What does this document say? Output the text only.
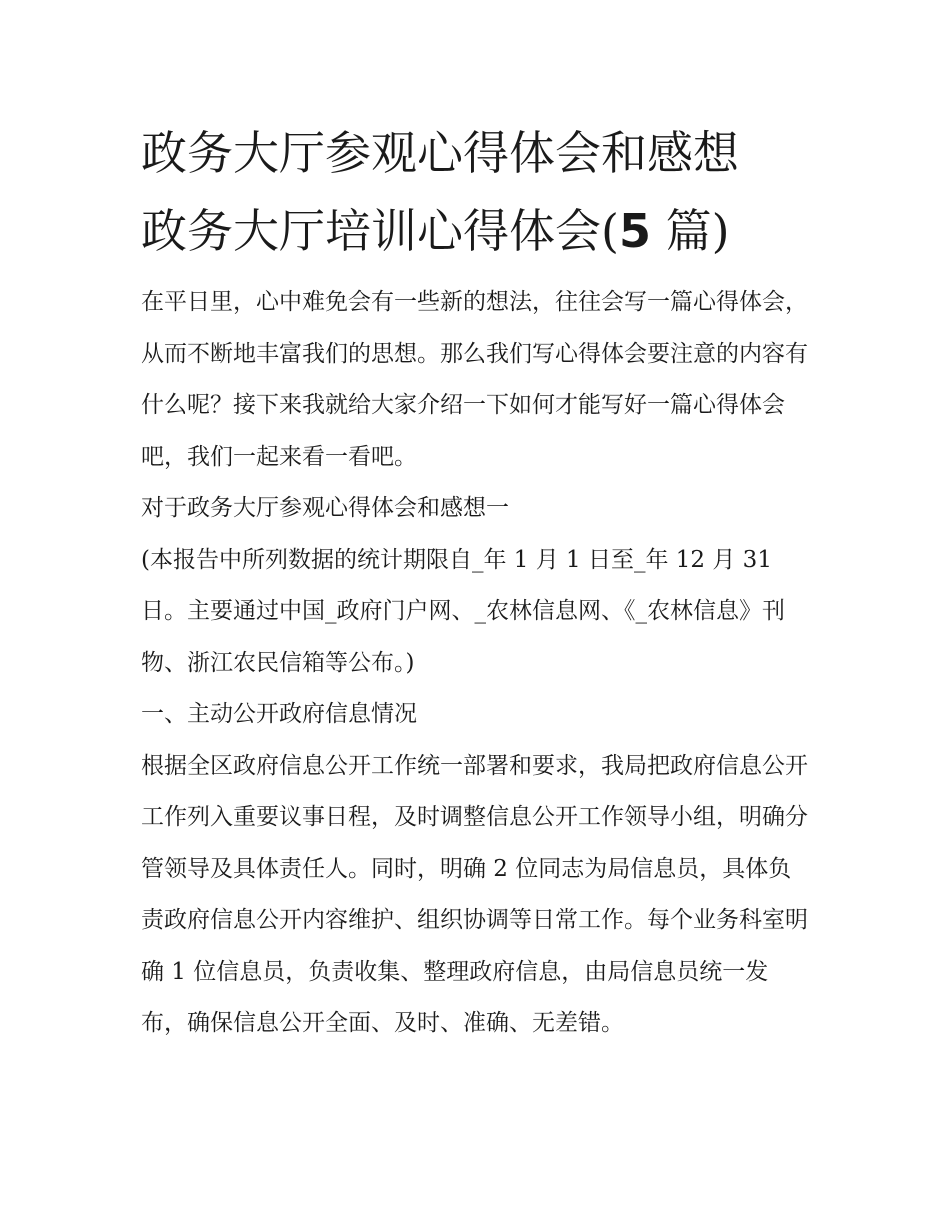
政务大厅参观心得体会和感想
政务大厅培训心得体会(5 篇)

在平日里，心中难免会有一些新的想法，往往会写一篇心得体会，从而不断地丰富我们的思想。那么我们写心得体会要注意的内容有什么呢？接下来我就给大家介绍一下如何才能写好一篇心得体会吧，我们一起来看一看吧。

对于政务大厅参观心得体会和感想一

(本报告中所列数据的统计期限自_年 1 月 1 日至_年 12 月 31 日。主要通过中国_政府门户网、_农林信息网、《_农林信息》刊物、浙江农民信箱等公布。)

一、主动公开政府信息情况

根据全区政府信息公开工作统一部署和要求，我局把政府信息公开工作列入重要议事日程，及时调整信息公开工作领导小组，明确分管领导及具体责任人。同时，明确 2 位同志为局信息员，具体负责政府信息公开内容维护、组织协调等日常工作。每个业务科室明确 1 位信息员，负责收集、整理政府信息，由局信息员统一发布，确保信息公开全面、及时、准确、无差错。
